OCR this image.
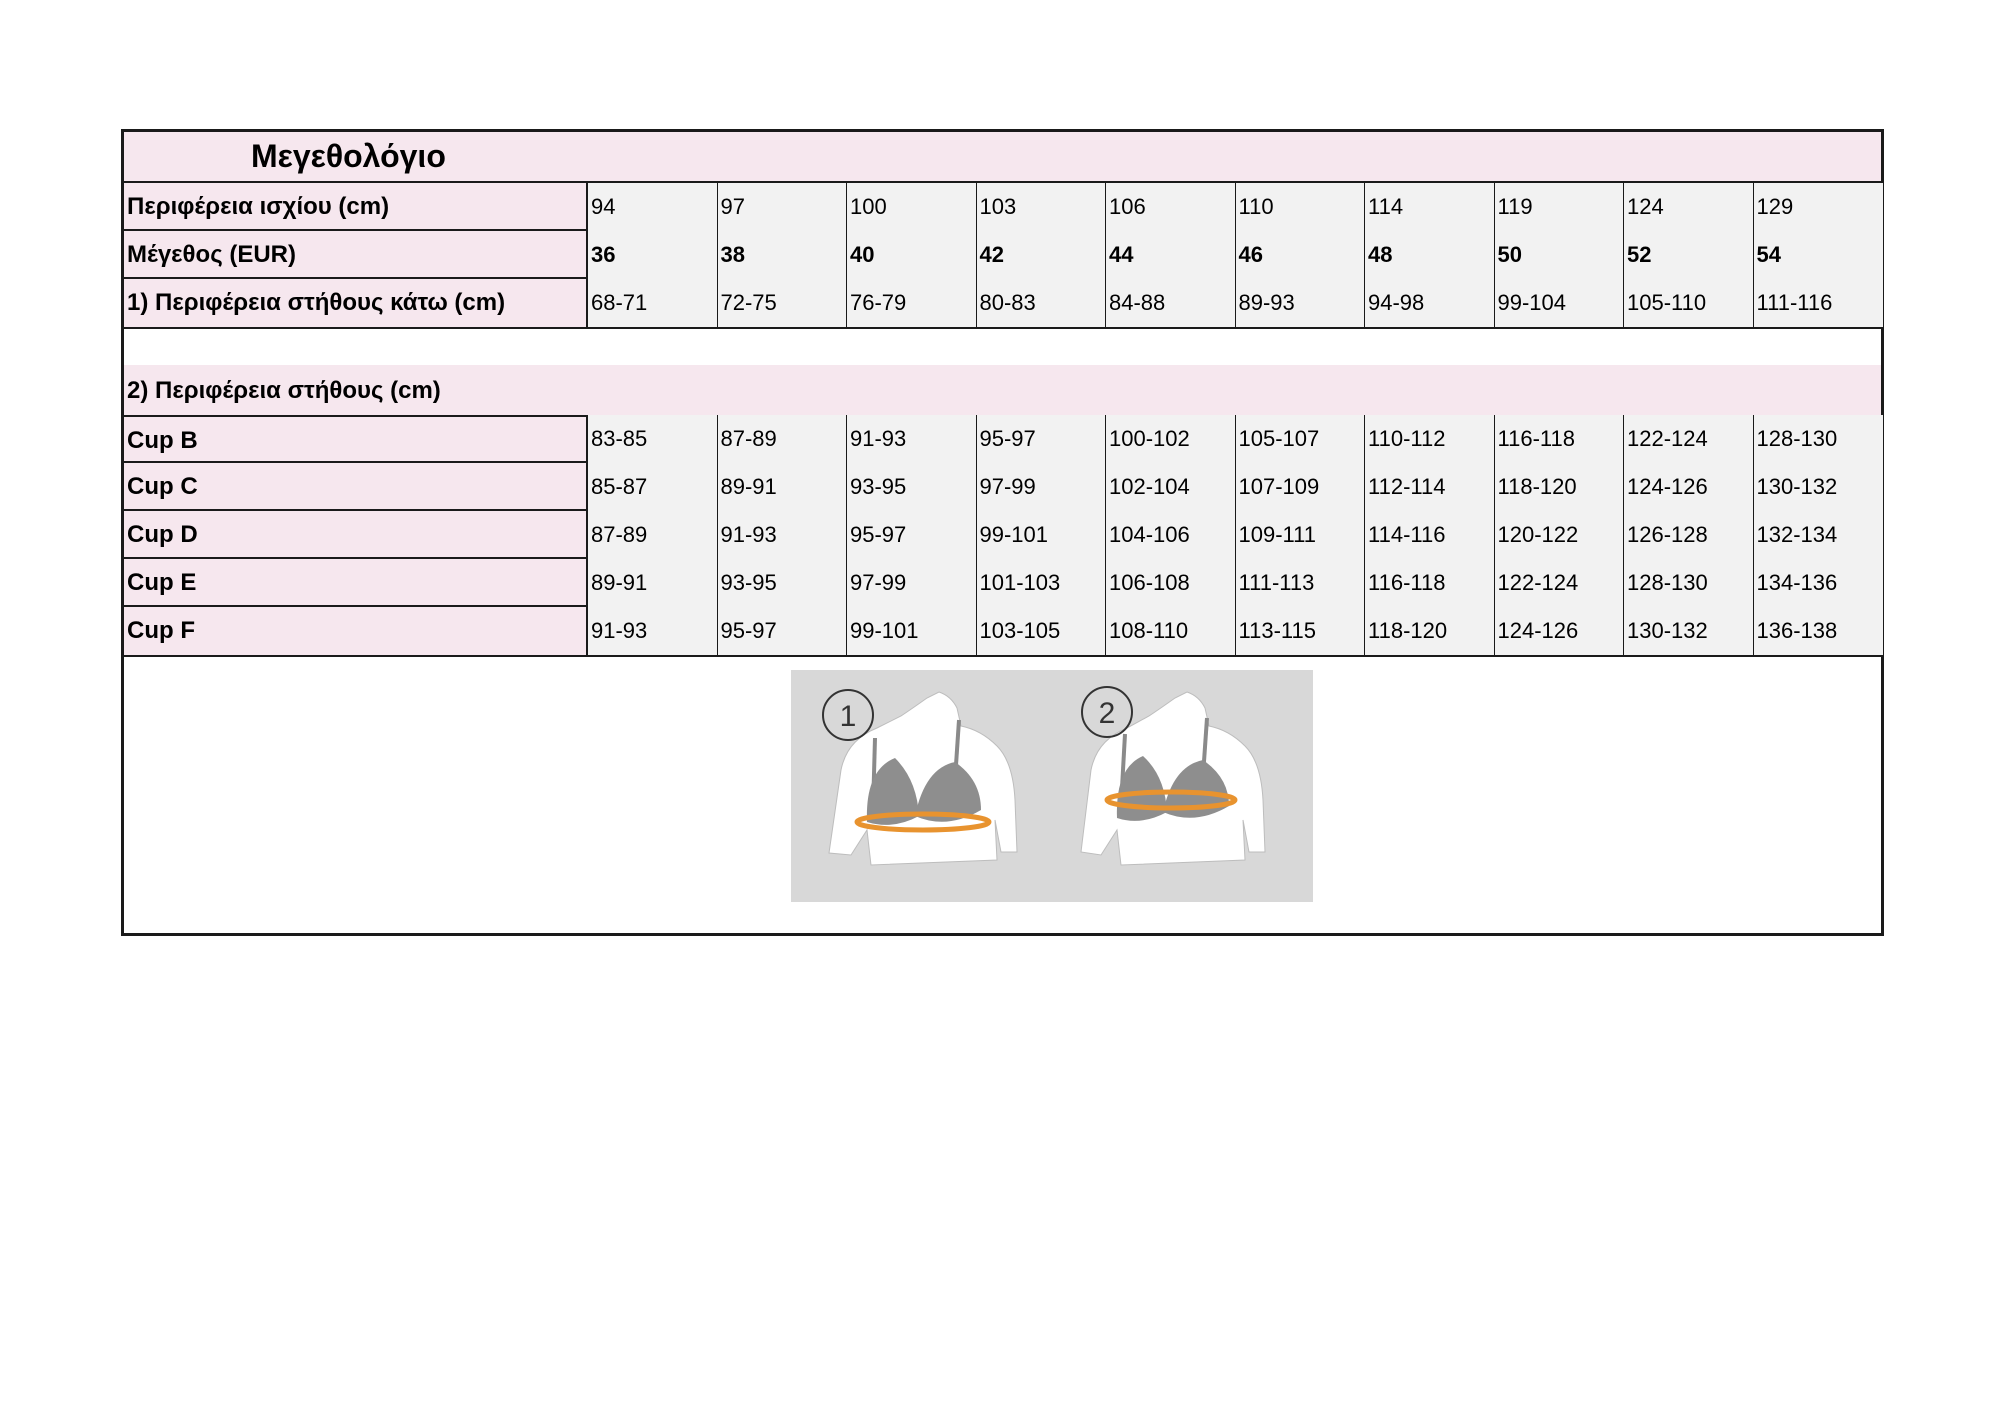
Μεγεθολόγιο
Περιφέρεια ισχίου (cm)	94	97	100	103	106	110	114	119	124	129
Μέγεθος (EUR)	36	38	40	42	44	46	48	50	52	54
1) Περιφέρεια στήθους κάτω (cm)	68-71	72-75	76-79	80-83	84-88	89-93	94-98	99-104	105-110	111-116
2) Περιφέρεια στήθους (cm)
Cup B	83-85	87-89	91-93	95-97	100-102	105-107	110-112	116-118	122-124	128-130
Cup C	85-87	89-91	93-95	97-99	102-104	107-109	112-114	118-120	124-126	130-132
Cup D	87-89	91-93	95-97	99-101	104-106	109-111	114-116	120-122	126-128	132-134
Cup E	89-91	93-95	97-99	101-103	106-108	111-113	116-118	122-124	128-130	134-136
Cup F	91-93	95-97	99-101	103-105	108-110	113-115	118-120	124-126	130-132	136-138
1	2
